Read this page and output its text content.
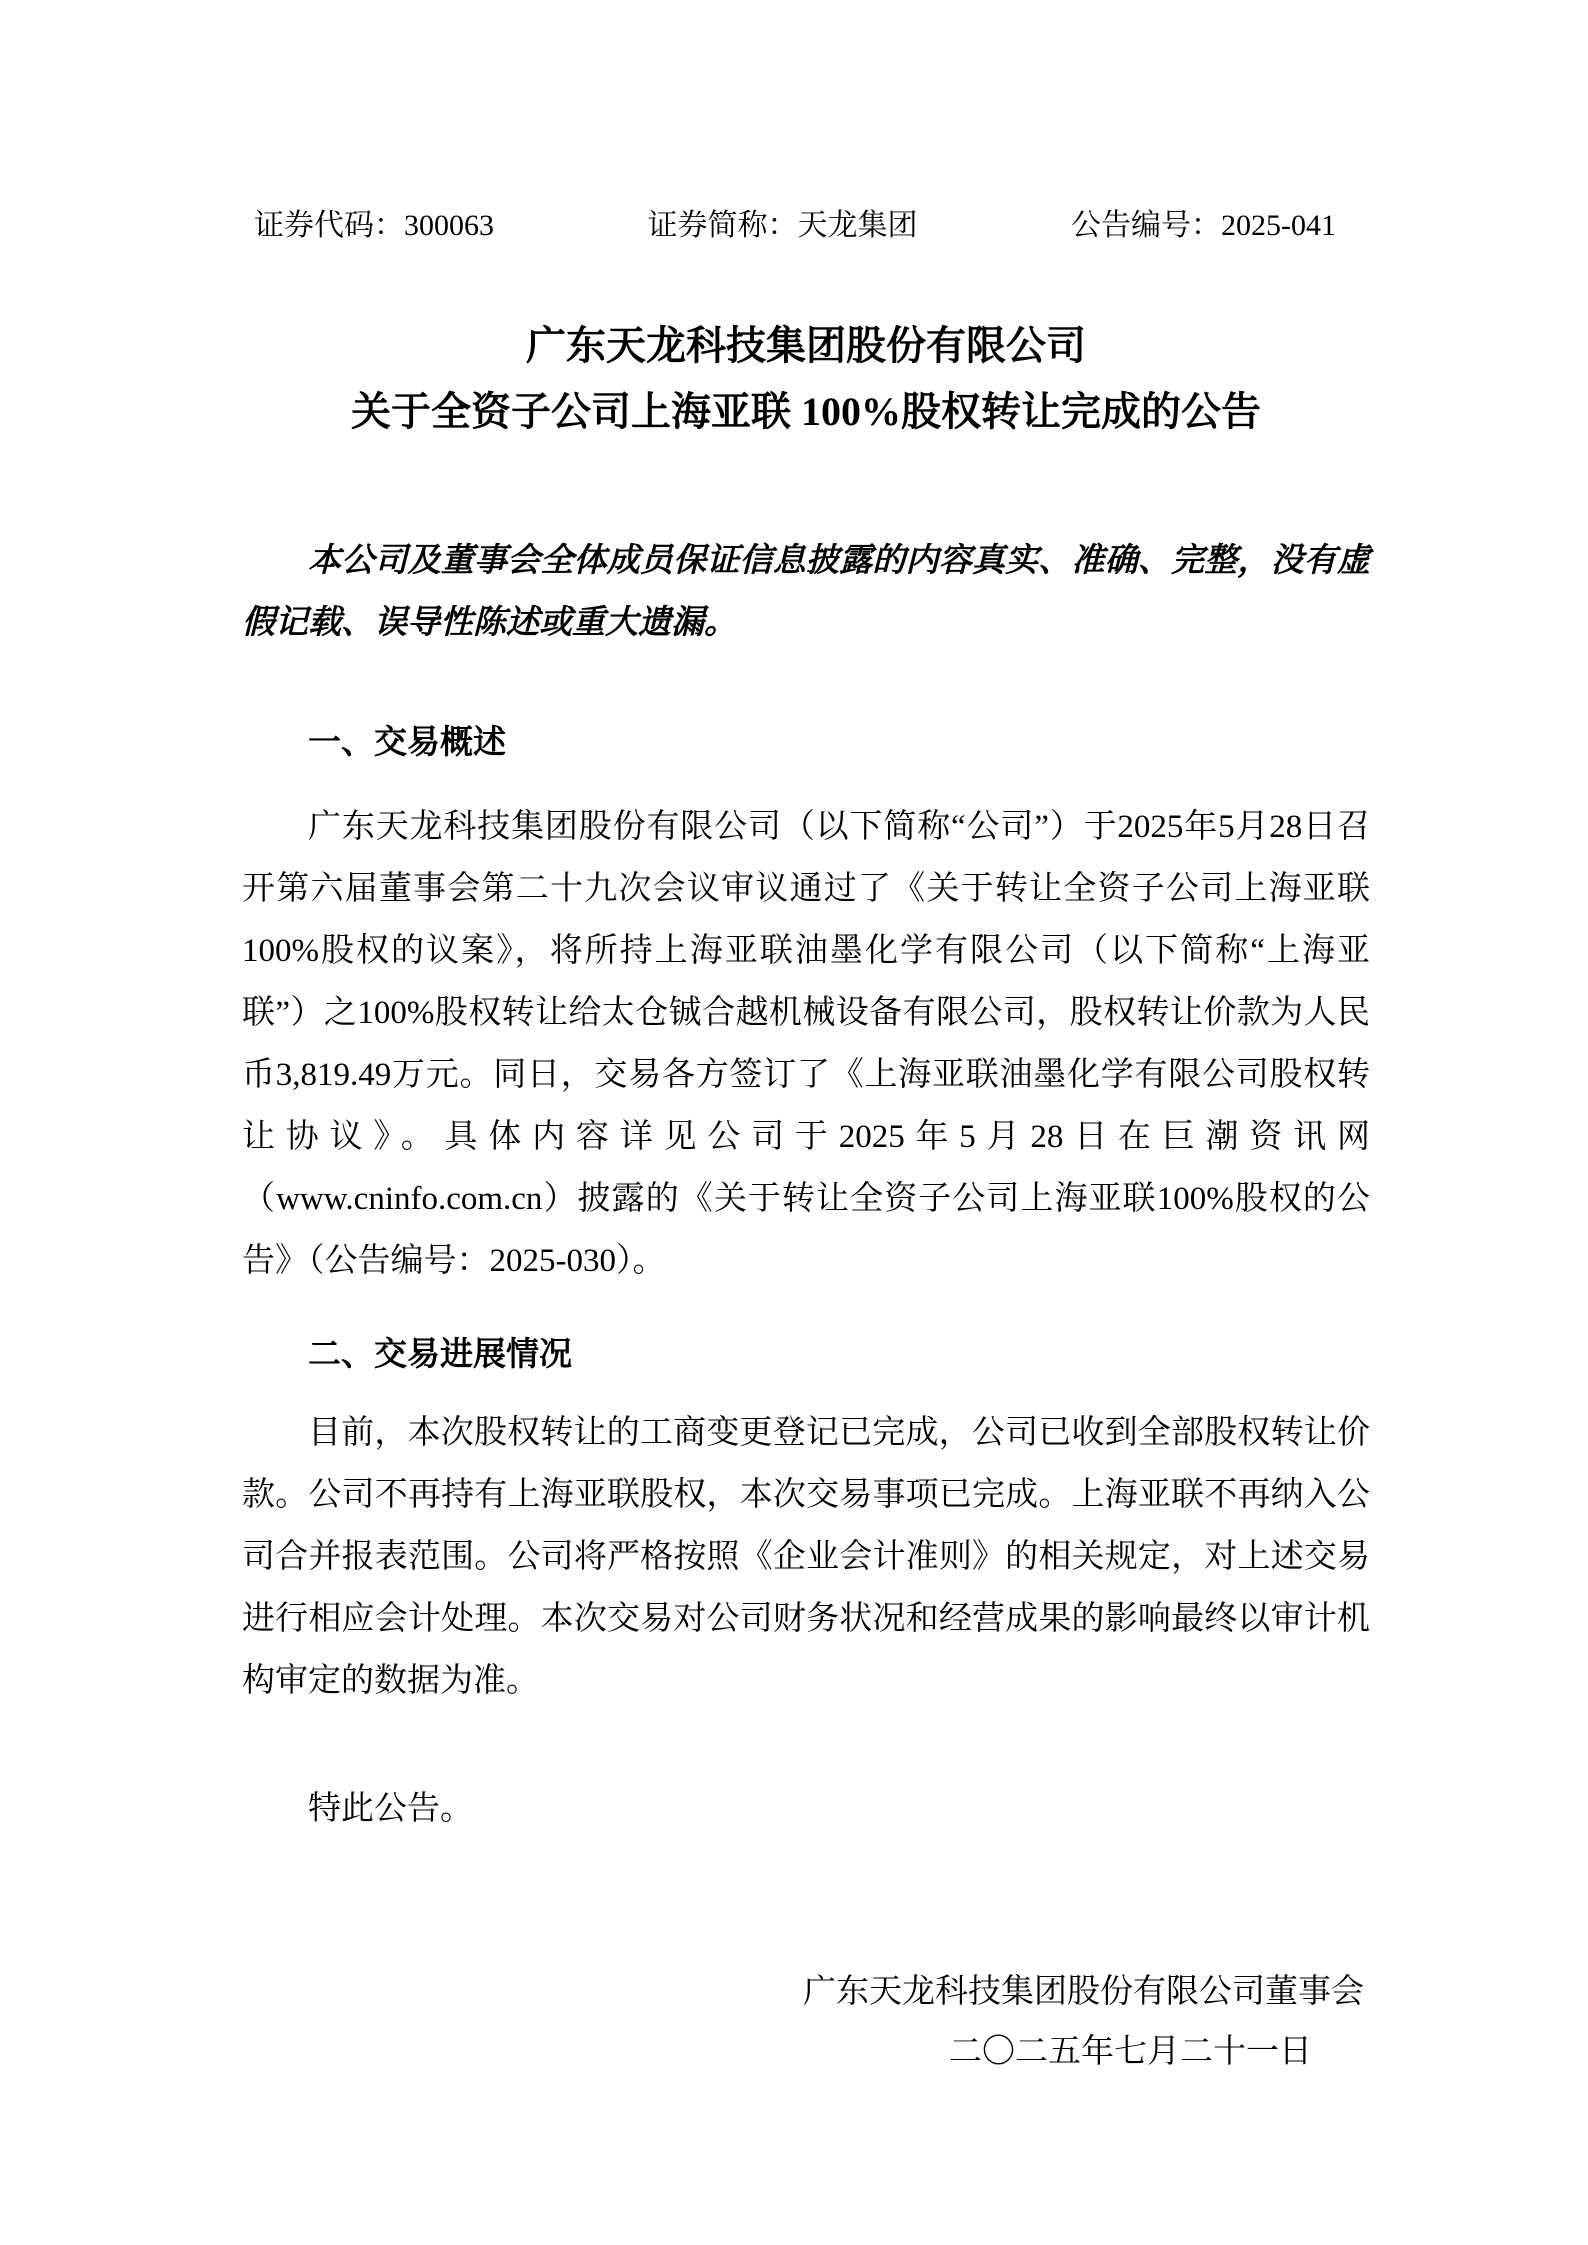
证券代码：300063	证券简称：天龙集团	公告编号：2025-041
广东天龙科技集团股份有限公司
关于全资子公司上海亚联 100%股权转让完成的公告

本公司及董事会全体成员保证信息披露的内容真实、准确、完整，没有虚假记载、误导性陈述或重大遗漏。

一、交易概述

广东天龙科技集团股份有限公司（以下简称“公司”）于2025年5月28日召开第六届董事会第二十九次会议审议通过了《关于转让全资子公司上海亚联100%股权的议案》，将所持上海亚联油墨化学有限公司（以下简称“上海亚联”）之100%股权转让给太仓铖合越机械设备有限公司，股权转让价款为人民币3,819.49万元。同日，交易各方签订了《上海亚联油墨化学有限公司股权转让协议》。具体内容详见公司于2025年5月28日在巨潮资讯网（www.cninfo.com.cn）披露的《关于转让全资子公司上海亚联100%股权的公告》（公告编号：2025-030）。

二、交易进展情况

目前，本次股权转让的工商变更登记已完成，公司已收到全部股权转让价款。公司不再持有上海亚联股权，本次交易事项已完成。上海亚联不再纳入公司合并报表范围。公司将严格按照《企业会计准则》的相关规定，对上述交易进行相应会计处理。本次交易对公司财务状况和经营成果的影响最终以审计机构审定的数据为准。

特此公告。

广东天龙科技集团股份有限公司董事会
二〇二五年七月二十一日
